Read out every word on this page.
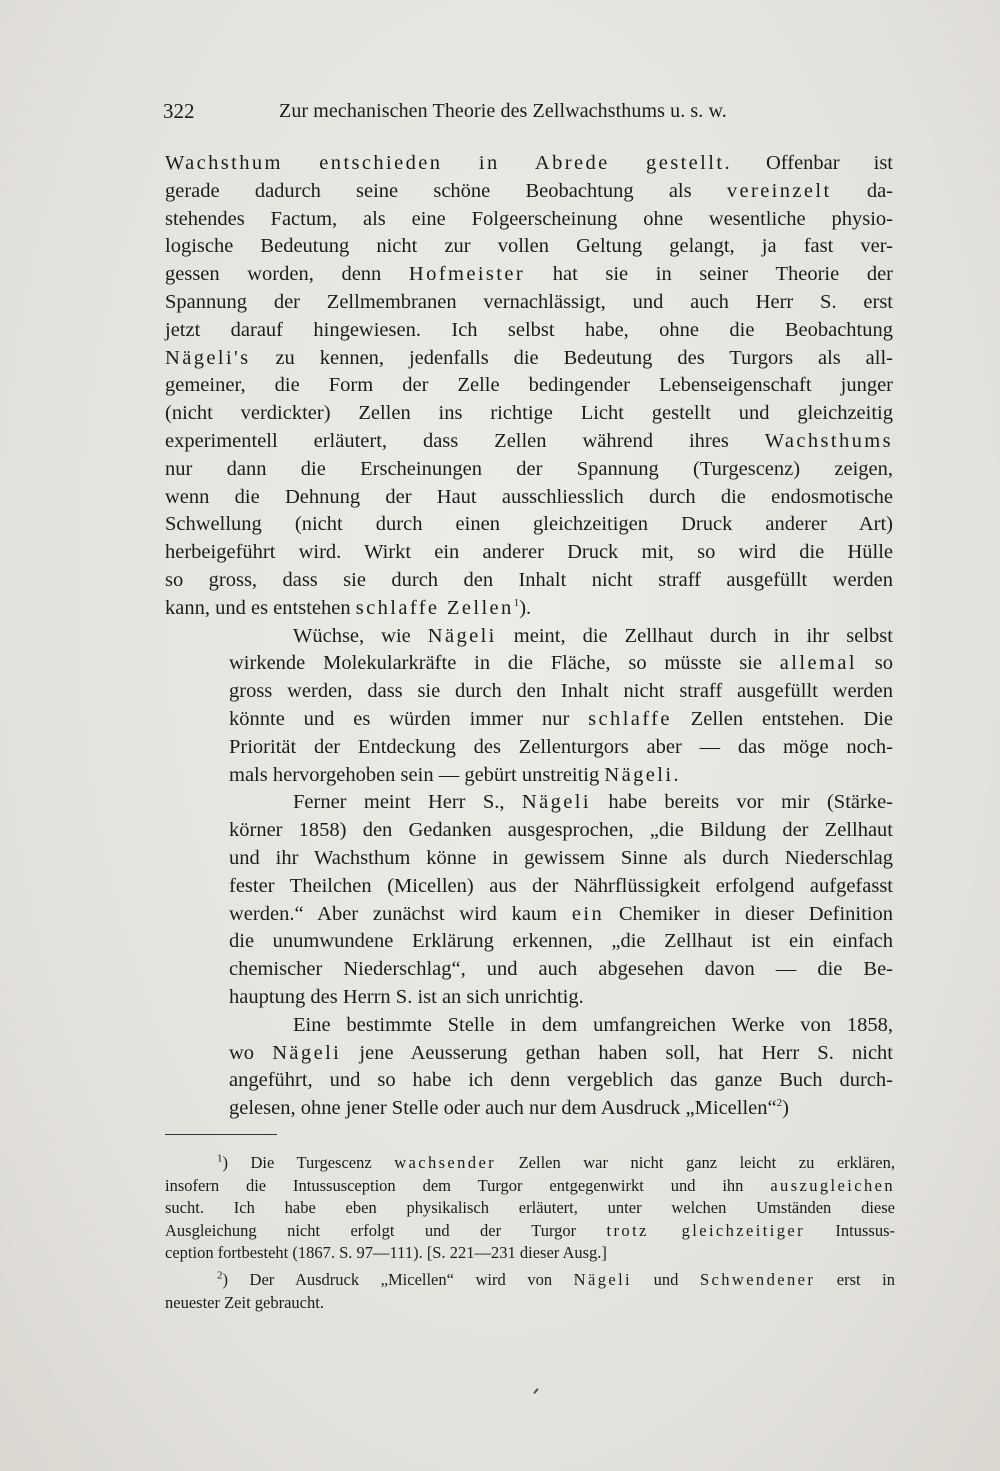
322	Zur mechanischen Theorie des Zellwachsthums u. s. w.
Wachsthum entschieden in Abrede gestellt. Offenbar ist
gerade dadurch seine schöne Beobachtung als vereinzelt da-
stehendes Factum, als eine Folgeerscheinung ohne wesentliche physio-
logische Bedeutung nicht zur vollen Geltung gelangt, ja fast ver-
gessen worden, denn Hofmeister hat sie in seiner Theorie der
Spannung der Zellmembranen vernachlässigt, und auch Herr S. erst
jetzt darauf hingewiesen. Ich selbst habe, ohne die Beobachtung
Nägeli's zu kennen, jedenfalls die Bedeutung des Turgors als all-
gemeiner, die Form der Zelle bedingender Lebenseigenschaft junger
(nicht verdickter) Zellen ins richtige Licht gestellt und gleichzeitig
experimentell erläutert, dass Zellen während ihres Wachsthums
nur dann die Erscheinungen der Spannung (Turgescenz) zeigen,
wenn die Dehnung der Haut ausschliesslich durch die endosmotische
Schwellung (nicht durch einen gleichzeitigen Druck anderer Art)
herbeigeführt wird. Wirkt ein anderer Druck mit, so wird die Hülle
so gross, dass sie durch den Inhalt nicht straff ausgefüllt werden
kann, und es entstehen schlaffe Zellen$^1$).
Wüchse, wie Nägeli meint, die Zellhaut durch in ihr selbst
wirkende Molekularkräfte in die Fläche, so müsste sie allemal so
gross werden, dass sie durch den Inhalt nicht straff ausgefüllt werden
könnte und es würden immer nur schlaffe Zellen entstehen. Die
Priorität der Entdeckung des Zellenturgors aber — das möge noch-
mals hervorgehoben sein — gebürt unstreitig Nägeli.
Ferner meint Herr S., Nägeli habe bereits vor mir (Stärke-
körner 1858) den Gedanken ausgesprochen, „die Bildung der Zellhaut
und ihr Wachsthum könne in gewissem Sinne als durch Niederschlag
fester Theilchen (Micellen) aus der Nährflüssigkeit erfolgend aufgefasst
werden.“ Aber zunächst wird kaum ein Chemiker in dieser Definition
die unumwundene Erklärung erkennen, „die Zellhaut ist ein einfach
chemischer Niederschlag“, und auch abgesehen davon — die Be-
hauptung des Herrn S. ist an sich unrichtig.
Eine bestimmte Stelle in dem umfangreichen Werke von 1858,
wo Nägeli jene Aeusserung gethan haben soll, hat Herr S. nicht
angeführt, und so habe ich denn vergeblich das ganze Buch durch-
gelesen, ohne jener Stelle oder auch nur dem Ausdruck „Micellen“$^2$)
$^1$) Die Turgescenz wachsender Zellen war nicht ganz leicht zu erklären,
insofern die Intussusception dem Turgor entgegenwirkt und ihn auszugleichen
sucht. Ich habe eben physikalisch erläutert, unter welchen Umständen diese
Ausgleichung nicht erfolgt und der Turgor trotz gleichzeitiger Intussus-
ception fortbesteht (1867. S. 97—111). [S. 221—231 dieser Ausg.]
$^2$) Der Ausdruck „Micellen“ wird von Nägeli und Schwendener erst in
neuester Zeit gebraucht.
